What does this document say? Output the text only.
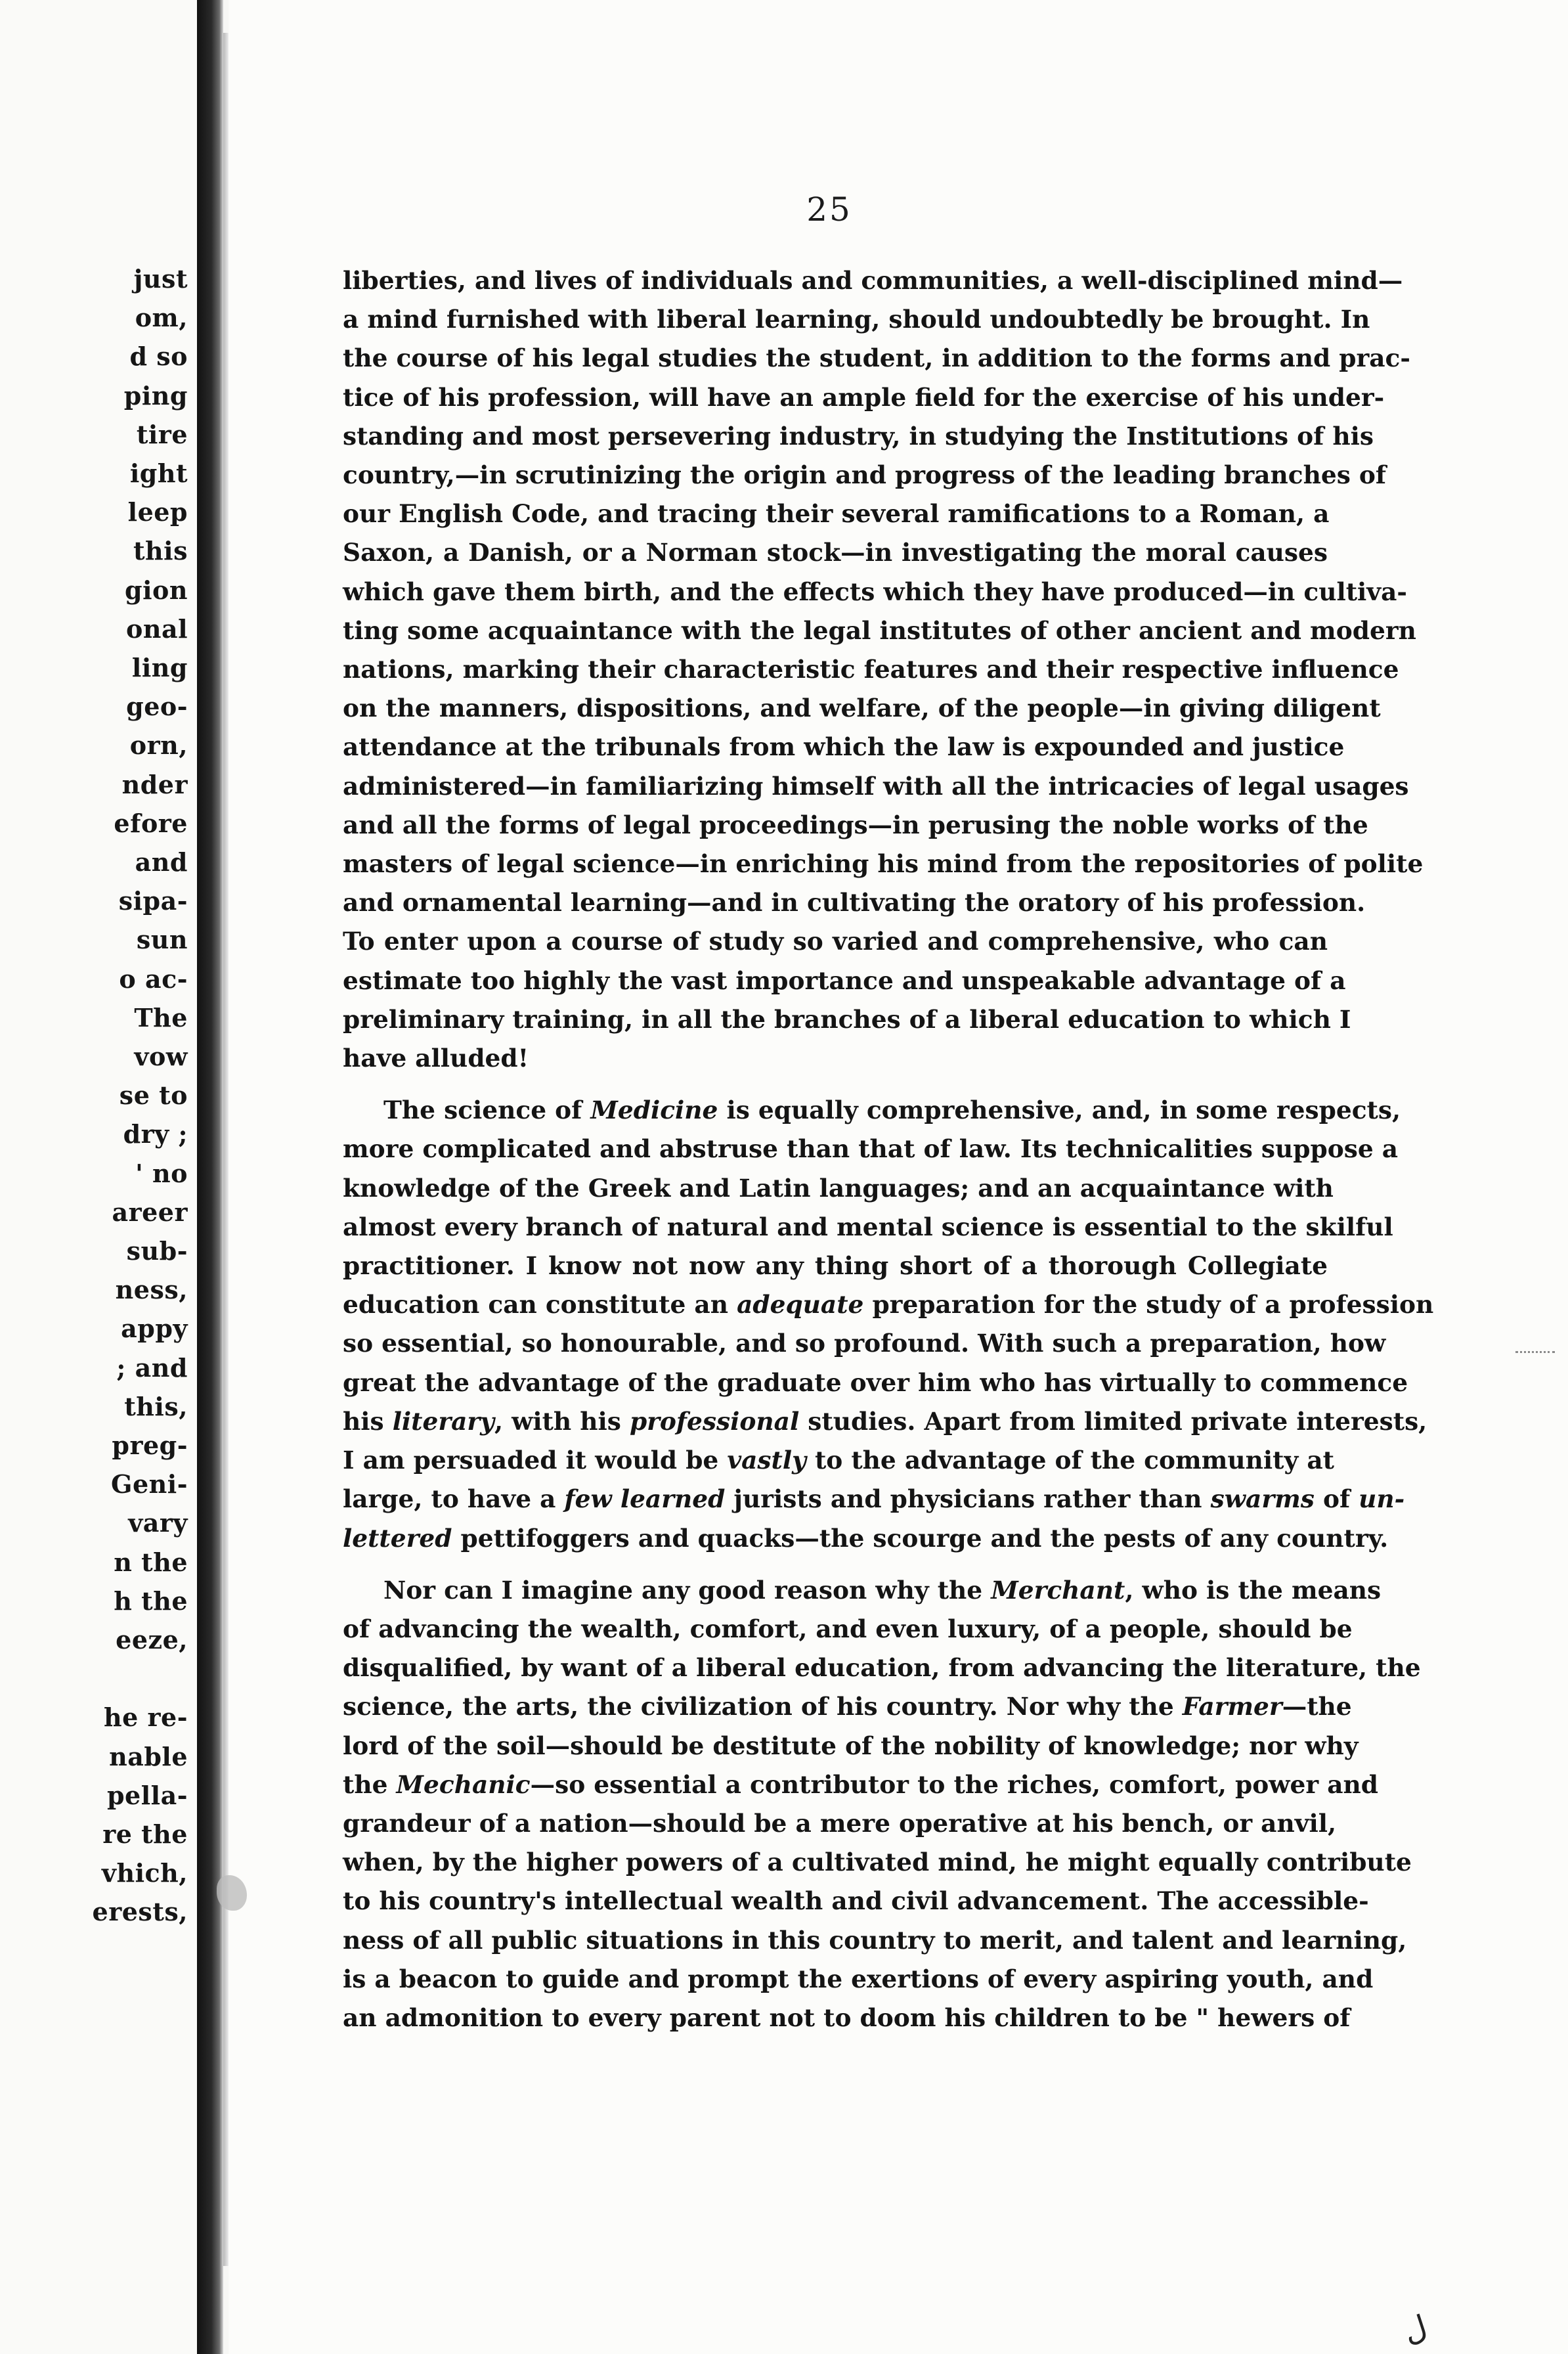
just
om,
d so
ping
tire
ight
leep
this
gion
onal
ling
geo-
orn,
nder
efore
and
sipa-
sun
o ac-
The
vow
se to
dry ;
' no
areer
sub-
ness,
appy
; and
this,
preg-
Geni-
vary
n the
h the
eeze,
he re-
nable
pella-
re the
vhich,
erests,
25
liberties, and lives of individuals and communities, a well-disciplined mind—
a mind furnished with liberal learning, should undoubtedly be brought. In
the course of his legal studies the student, in addition to the forms and prac-
tice of his profession, will have an ample field for the exercise of his under-
standing and most persevering industry, in studying the Institutions of his
country,—in scrutinizing the origin and progress of the leading branches of
our English Code, and tracing their several ramifications to a Roman, a
Saxon, a Danish, or a Norman stock—in investigating the moral causes
which gave them birth, and the effects which they have produced—in cultiva-
ting some acquaintance with the legal institutes of other ancient and modern
nations, marking their characteristic features and their respective influence
on the manners, dispositions, and welfare, of the people—in giving diligent
attendance at the tribunals from which the law is expounded and justice
administered—in familiarizing himself with all the intricacies of legal usages
and all the forms of legal proceedings—in perusing the noble works of the
masters of legal science—in enriching his mind from the repositories of polite
and ornamental learning—and in cultivating the oratory of his profession.
To enter upon a course of study so varied and comprehensive, who can
estimate too highly the vast importance and unspeakable advantage of a
preliminary training, in all the branches of a liberal education to which I
have alluded!
The science of Medicine is equally comprehensive, and, in some respects,
more complicated and abstruse than that of law. Its technicalities suppose a
knowledge of the Greek and Latin languages; and an acquaintance with
almost every branch of natural and mental science is essential to the skilful
practitioner. I know not now any thing short of a thorough Collegiate
education can constitute an adequate preparation for the study of a profession
so essential, so honourable, and so profound. With such a preparation, how
great the advantage of the graduate over him who has virtually to commence
his literary, with his professional studies. Apart from limited private interests,
I am persuaded it would be vastly to the advantage of the community at
large, to have a few learned jurists and physicians rather than swarms of un-
lettered pettifoggers and quacks—the scourge and the pests of any country.
Nor can I imagine any good reason why the Merchant, who is the means
of advancing the wealth, comfort, and even luxury, of a people, should be
disqualified, by want of a liberal education, from advancing the literature, the
science, the arts, the civilization of his country. Nor why the Farmer—the
lord of the soil—should be destitute of the nobility of knowledge; nor why
the Mechanic—so essential a contributor to the riches, comfort, power and
grandeur of a nation—should be a mere operative at his bench, or anvil,
when, by the higher powers of a cultivated mind, he might equally contribute
to his country's intellectual wealth and civil advancement. The accessible-
ness of all public situations in this country to merit, and talent and learning,
is a beacon to guide and prompt the exertions of every aspiring youth, and
an admonition to every parent not to doom his children to be " hewers of
ل
